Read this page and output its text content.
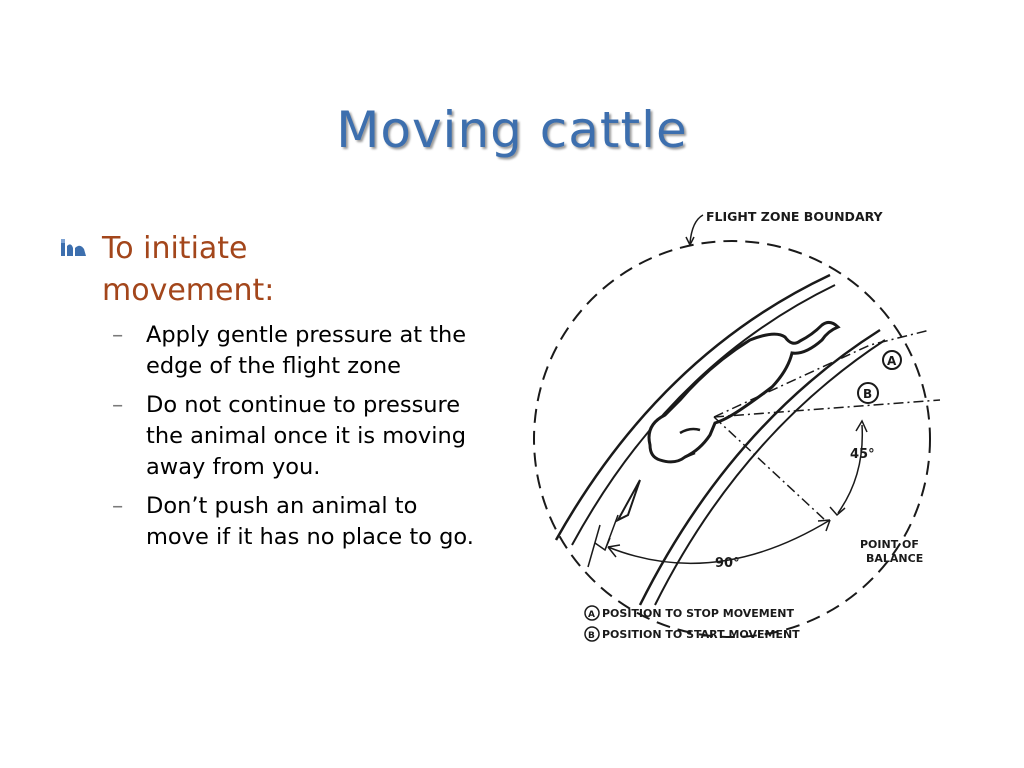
Moving cattle
To initiate movement:
– Apply gentle pressure at the edge of the flight zone
– Do not continue to pressure the animal once it is moving away from you.
– Don’t push an animal to move if it has no place to go.
FLIGHT ZONE BOUNDARY
45°
90°
A
B
POINT OF
BALANCE
A POSITION TO STOP MOVEMENT
B POSITION TO START MOVEMENT
